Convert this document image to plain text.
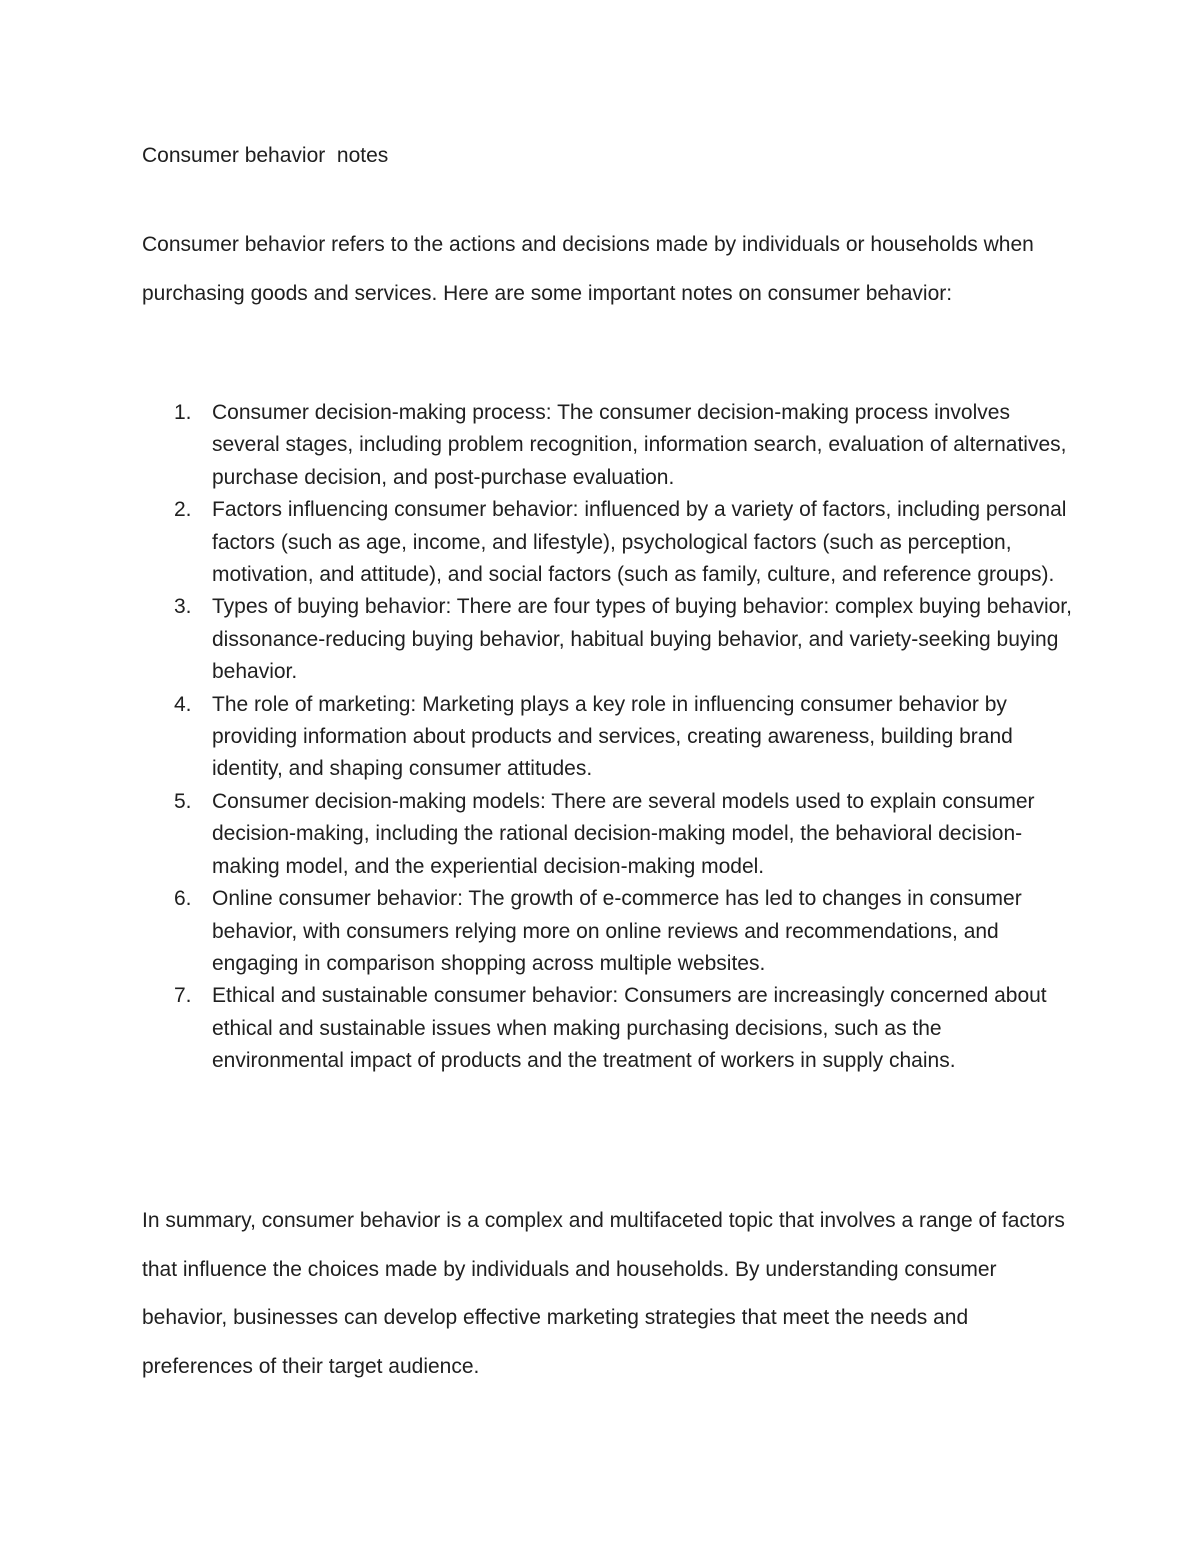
Consumer behavior  notes

Consumer behavior refers to the actions and decisions made by individuals or households when purchasing goods and services. Here are some important notes on consumer behavior:

1. Consumer decision-making process: The consumer decision-making process involves several stages, including problem recognition, information search, evaluation of alternatives, purchase decision, and post-purchase evaluation.
2. Factors influencing consumer behavior: influenced by a variety of factors, including personal factors (such as age, income, and lifestyle), psychological factors (such as perception, motivation, and attitude), and social factors (such as family, culture, and reference groups).
3. Types of buying behavior: There are four types of buying behavior: complex buying behavior, dissonance-reducing buying behavior, habitual buying behavior, and variety-seeking buying behavior.
4. The role of marketing: Marketing plays a key role in influencing consumer behavior by providing information about products and services, creating awareness, building brand identity, and shaping consumer attitudes.
5. Consumer decision-making models: There are several models used to explain consumer decision-making, including the rational decision-making model, the behavioral decision-making model, and the experiential decision-making model.
6. Online consumer behavior: The growth of e-commerce has led to changes in consumer behavior, with consumers relying more on online reviews and recommendations, and engaging in comparison shopping across multiple websites.
7. Ethical and sustainable consumer behavior: Consumers are increasingly concerned about ethical and sustainable issues when making purchasing decisions, such as the environmental impact of products and the treatment of workers in supply chains.

In summary, consumer behavior is a complex and multifaceted topic that involves a range of factors that influence the choices made by individuals and households. By understanding consumer behavior, businesses can develop effective marketing strategies that meet the needs and preferences of their target audience.
